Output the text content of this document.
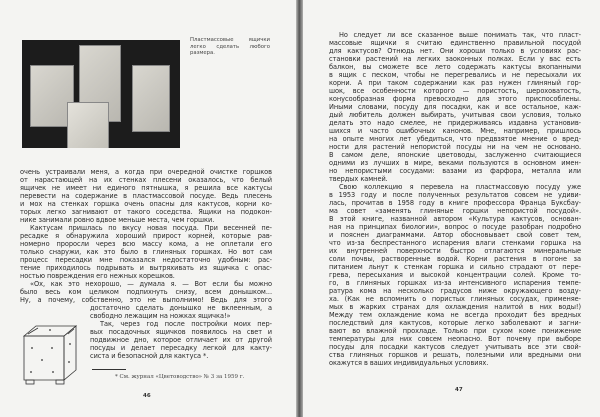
Пластмассовые ящички
легко сделать любого
размера.
очень устраивали меня, а когда при очередной очистке горшков
от нарастающей на их стенках плесени оказалось, что белый
ящичек не имеет ни единого пятнышка, я решила все кактусы
перевести на содержание в пластмассовой посуде. Ведь плесень
и мох на стенках горшка очень опасны для кактусов, корни ко-
торых легко загнивают от такого соседства. Ящики на подокон-
нике занимали ровно вдвое меньше места, чем горшки.
Кактусам пришлась по вкусу новая посуда. При весенней пе-
ресадке я обнаружила хороший прирост корней, которые рав-
номерно проросли через всю массу кома, а не оплетали его
только снаружи, как это было в глиняных горшках. Но вот сам
процесс пересадки мне показался недостаточно удобным: рас-
тение приходилось подрывать и вытряхивать из ящичка с опас-
ностью повреждения его нежных корешков.
«Ох, как это нехорошо, — думала я. — Вот если бы можно
было весь ком целиком подпихнуть снизу, всем донышком...
Ну, а почему, собственно, это не выполнимо! Ведь для этого
достаточно сделать донышко не вклеенным, а
свободно лежащим на ножках ящичка!»
Так, через год после постройки моих пер-
вых посадочных ящичков появилось на свет и
подвижное дно, которое отличает их от другой
посуды и делает пересадку легкой для какту-
систа и безопасной для кактуса *.
* См. журнал «Цветоводство» № 3 за 1959 г.
46
Но следует ли все сказанное выше понимать так, что пласт-
массовые ящички я считаю единственно правильной посудой
для кактусов? Отнюдь нет. Они хороши только в условиях рас-
становки растений на легких заоконных полках. Если у вас есть
балкон, вы сможете все лето содержать кактусы вкопанными
в ящик с песком, чтобы не перегревались и не пересыхали их
корни. А при таком содержании как раз нужен глиняный гор-
шок, все особенности которого — пористость, шероховатость,
конусообразная форма превосходно для этого приспособлены.
Иными словами, посуду для посадки, как и все остальное, каж-
дый любитель должен выбирать, учитывая свои условия, только
делать это надо смелее, не придерживаясь издавна установив-
шихся и часто ошибочных канонов. Мне, например, пришлось
на опыте многих лет убедиться, что предвзятое мнение о вред-
ности для растений непористой посуды ни на чем не основано.
В самом деле, японские цветоводы, заслуженно считающиеся
одними из лучших в мире, веками пользуются в основном имен-
но непористыми сосудами: вазами из фарфора, металла или
твердых камней.
Свою коллекцию я перевела на пластмассовую посуду уже
в 1953 году и после полученных результатов совсем не удиви-
лась, прочитав в 1958 году в книге профессора Франца Буксбау-
ма совет «заменять глиняные горшки непористой посудой».
В этой книге, названной автором «Культура кактусов, основан-
ная на принципах биологии», вопрос о посуде разобран подробно
и пояснен диаграммами. Автор обосновывает свой совет тем,
что из-за беспрестанного испарения влаги стенками горшка на
их внутренней поверхности быстро отлагаются минеральные
соли почвы, растворенные водой. Корни растения в погоне за
питанием льнут к стенкам горшка и сильно страдают от пере-
грева, пересыхания и высокой концентрации солей. Кроме то-
го, в глиняных горшках из-за интенсивного испарения темпе-
ратура кома на несколько градусов ниже окружающего возду-
ха. (Как не вспомнить о пористых глиняных сосудах, применяе-
мых в жарких странах для охлаждения налитой в них воды!)
Между тем охлаждение кома не всегда проходит без вредных
последствий для кактусов, которые легко заболевают и загни-
вают во влажной прохладе. Только при сухом коме понижение
температуры для них совсем неопасно. Вот почему при выборе
посуды для посадки кактусов следует учитывать все эти свой-
ства глиняных горшков и решать, полезными или вредными они
окажутся в ваших индивидуальных условиях.
47
